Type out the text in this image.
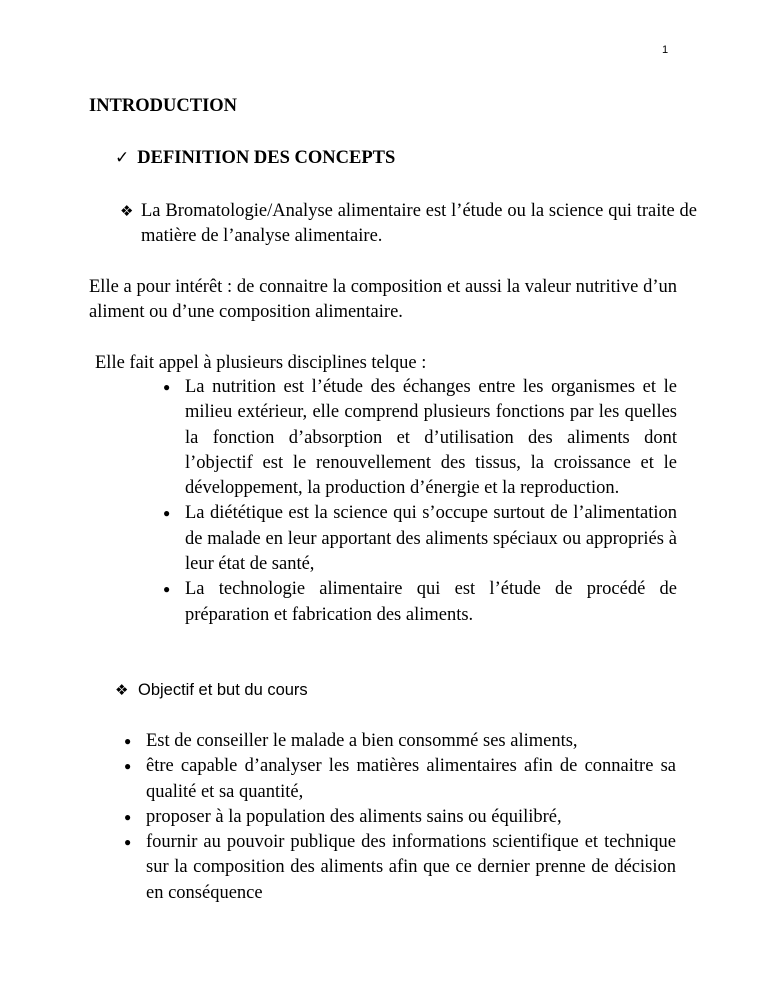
1
INTRODUCTION
✓ DEFINITION DES CONCEPTS

❖ La Bromatologie/Analyse alimentaire est l’étude ou la science qui traite de matière de l’analyse alimentaire.

Elle a pour intérêt : de connaitre la composition et aussi la valeur nutritive d’un aliment ou d’une composition alimentaire.

Elle fait appel à plusieurs disciplines telque :

● La nutrition est l’étude des échanges entre les organismes et le milieu extérieur, elle comprend plusieurs fonctions par les quelles la fonction d’absorption et d’utilisation des aliments dont l’objectif est le renouvellement des tissus, la croissance et le développement, la production d’énergie et la reproduction.
● La diététique est la science qui s’occupe surtout de l’alimentation de malade en leur apportant des aliments spéciaux ou appropriés à leur état de santé,
● La technologie alimentaire qui est l’étude de procédé de préparation et fabrication des aliments.

❖ Objectif et but du cours

● Est de conseiller le malade a bien consommé ses aliments,
● être capable d’analyser les matières alimentaires afin de connaitre sa qualité et sa quantité,
● proposer à la population des aliments sains ou équilibré,
● fournir au pouvoir publique des informations scientifique et technique sur la composition des aliments afin que ce dernier prenne de décision en conséquence
